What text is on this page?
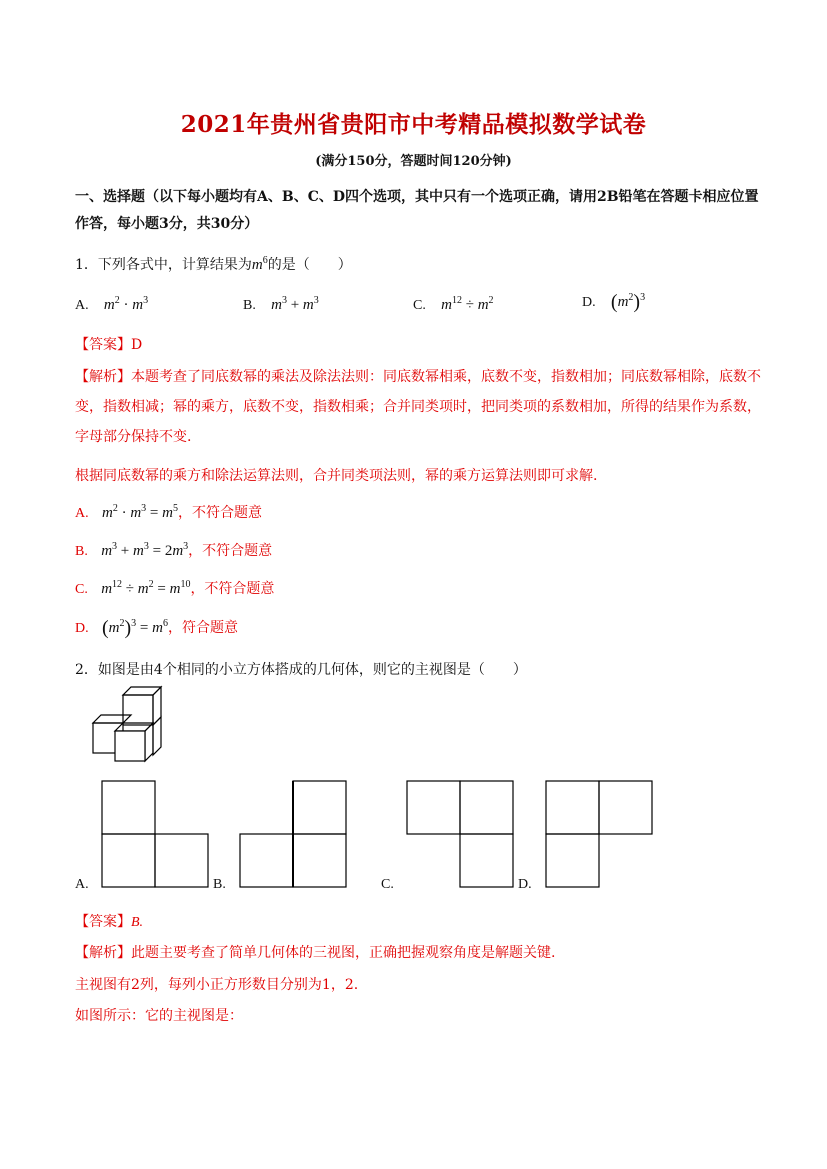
2021年贵州省贵阳市中考精品模拟数学试卷
(满分150分，答题时间120分钟)
一、选择题（以下每小题均有A、B、C、D四个选项，其中只有一个选项正确，请用2B铅笔在答题卡相应位置作答，每小题3分，共30分）
1．下列各式中，计算结果为$m^6$的是（　　）
A. $m^2 \cdot m^3$	B. $m^3 + m^3$	C. $m^{12} \div m^2$	D. $(m^2)^3$
【答案】D
【解析】本题考查了同底数幂的乘法及除法法则：同底数幂相乘，底数不变，指数相加；同底数幂相除，底数不变，指数相减；幂的乘方，底数不变，指数相乘；合并同类项时，把同类项的系数相加，所得的结果作为系数，字母部分保持不变.
根据同底数幂的乘方和除法运算法则，合并同类项法则，幂的乘方运算法则即可求解.
A. $m^2 \cdot m^3 = m^5$，不符合题意
B. $m^3 + m^3 = 2m^3$，不符合题意
C. $m^{12} \div m^2 = m^{10}$，不符合题意
D. $(m^2)^3 = m^6$，符合题意
2．如图是由4个相同的小立方体搭成的几何体，则它的主视图是（　　）
A.	B.	C.	D.
【答案】B.
【解析】此题主要考查了简单几何体的三视图，正确把握观察角度是解题关键.
主视图有2列，每列小正方形数目分别为1，2.
如图所示：它的主视图是：
